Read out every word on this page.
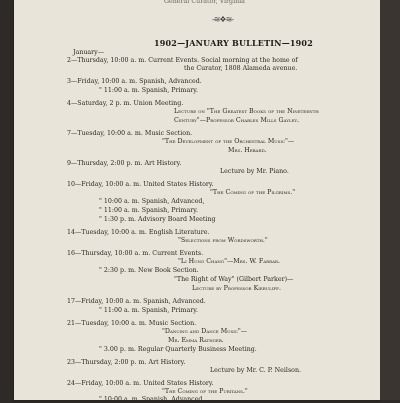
General Curator, Virginia
-≋❖≋-
1902—JANUARY BULLETIN—1902
January—
2—Thursday, 10:00 a. m. Current Events. Social morning at the home of
the Curator, 1808 Alameda avenue.
3—Friday, 10:00 a. m. Spanish, Advanced.
" 11:00 a. m. Spanish, Primary.
4—Saturday, 2 p. m. Union Meeting.
Lecture on "The Greatest Books of the Nineteenth
Century"—Professor Charles Mills Gayley.
7—Tuesday, 10:00 a. m. Music Section.
"The Development of the Orchestral Music"—
Mrs. Hebard.
9—Thursday, 2:00 p. m. Art History.
Lecture by Mr. Piano.
10—Friday, 10:00 a. m. United States History.
"The Coming of the Pilgrims."
" 10:00 a. m. Spanish, Advanced,
" 11:00 a. m. Spanish, Primary.
" 1:30 p. m. Advisory Board Meeting
14—Tuesday, 10:00 a. m. English Literature.
"Selections from Wordsworth."
16—Thursday, 10:00 a. m. Current Events.
"Li Hung Chang"—Mrs. W. Farrar.
" 2:30 p. m. New Book Section.
"The Right of Way" (Gilbert Parker)—
Lecture by Professor Kieruliff.
17—Friday, 10:00 a. m. Spanish, Advanced.
" 11:00 a. m. Spanish, Primary.
21—Tuesday, 10:00 a. m. Music Section.
"Dancing and Dance Music"—
Mr. Emma Rathgeb.
" 3.00 p. m. Regular Quarterly Business Meeting.
23—Thursday, 2:00 p. m. Art History.
Lecture by Mr. C. P. Neilson.
24—Friday, 10:00 a. m. United States History.
"The Coming of the Puritans."
" 10:00 a. m. Spanish, Advanced
